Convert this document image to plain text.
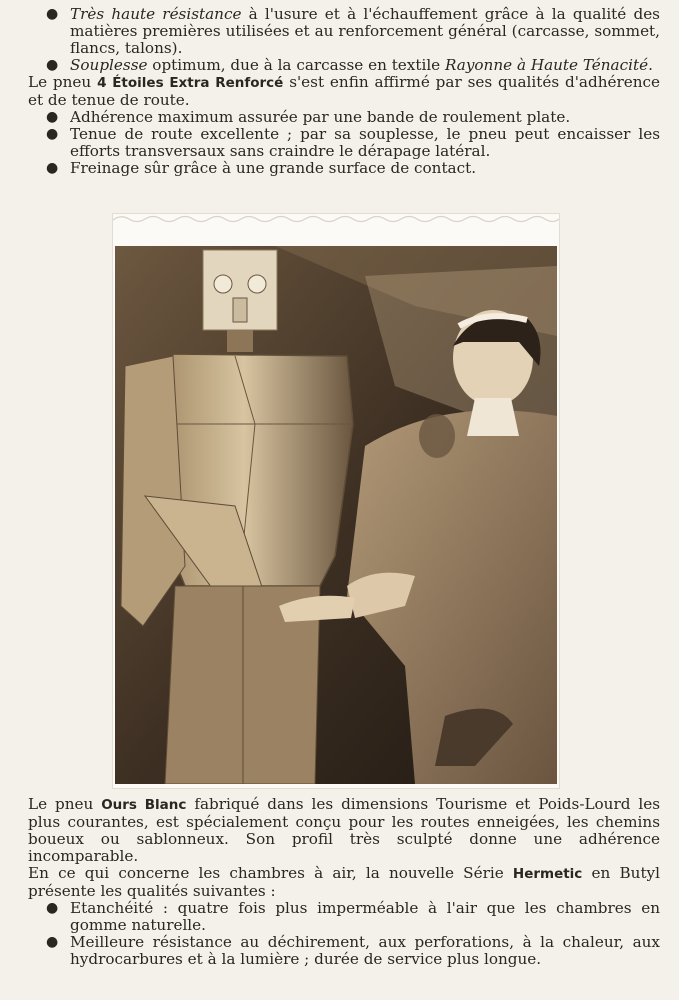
● Très haute résistance à l'usure et à l'échauffement grâce à la qualité des matières premières utilisées et au renforcement général (carcasse, sommet, flancs, talons).
● Souplesse optimum, due à la carcasse en textile Rayonne à Haute Ténacité.

Le pneu 4 Étoiles Extra Renforcé s'est enfin affirmé par ses qualités d'adhérence et de tenue de route.

● Adhérence maximum assurée par une bande de roulement plate.
● Tenue de route excellente ; par sa souplesse, le pneu peut encaisser les efforts transversaux sans craindre le dérapage latéral.
● Freinage sûr grâce à une grande surface de contact.

Le pneu Ours Blanc fabriqué dans les dimensions Tourisme et Poids-Lourd les plus courantes, est spécialement conçu pour les routes enneigées, les chemins boueux ou sablonneux. Son profil très sculpté donne une adhérence incomparable.

En ce qui concerne les chambres à air, la nouvelle Série Hermetic en Butyl présente les qualités suivantes :

● Etanchéité : quatre fois plus imperméable à l'air que les chambres en gomme naturelle.
● Meilleure résistance au déchirement, aux perforations, à la chaleur, aux hydrocarbures et à la lumière ; durée de service plus longue.
